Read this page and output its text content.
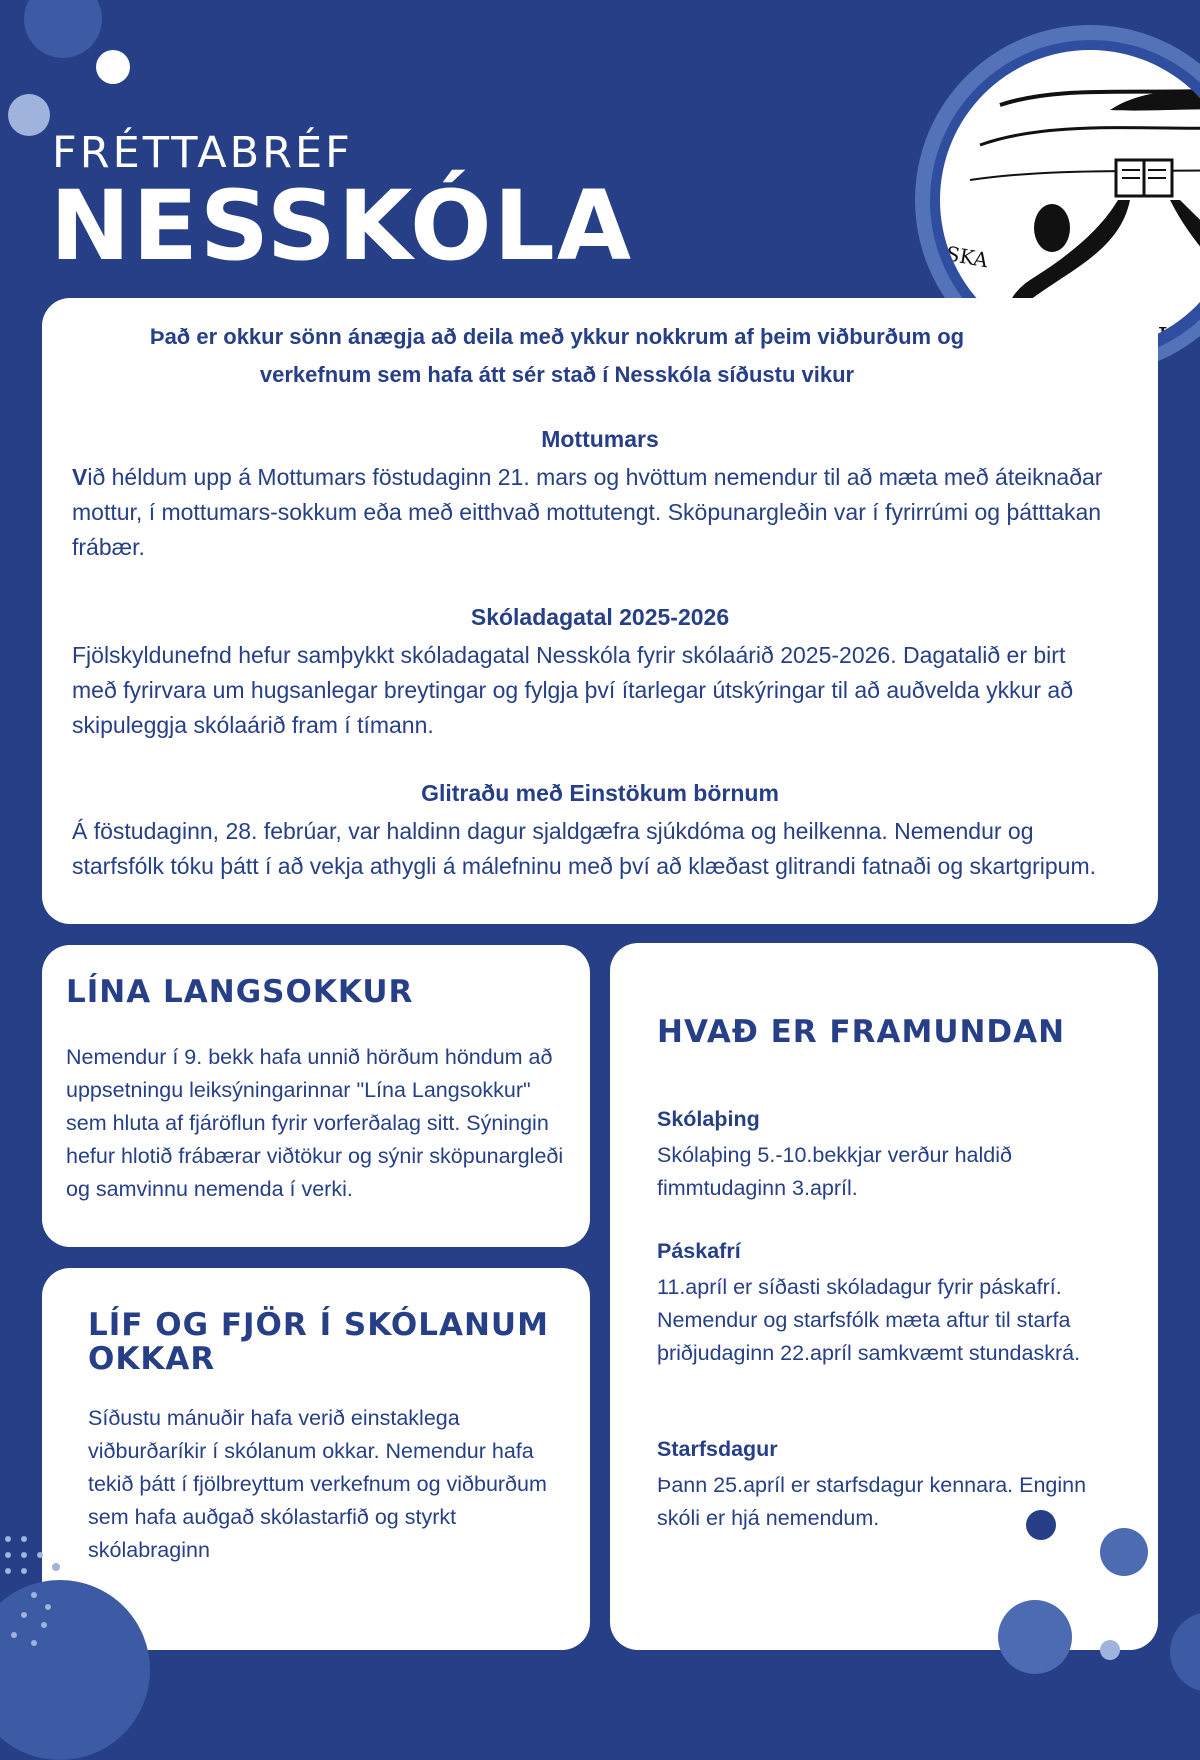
FRÉTTABRÉF
NESSKÓLA	SKA

Það er okkur sönn ánægja að deila með ykkur nokkrum af þeim viðburðum og verkefnum sem hafa átt sér stað í Nesskóla síðustu vikur

Mottumars

Við héldum upp á Mottumars föstudaginn 21. mars og hvöttum nemendur til að mæta með áteiknaðar mottur, í mottumars-sokkum eða með eitthvað mottutengt. Sköpunargleðin var í fyrirrúmi og þátttakan frábær.

Skóladagatal 2025-2026

Fjölskyldunefnd hefur samþykkt skóladagatal Nesskóla fyrir skólaárið 2025-2026. Dagatalið er birt með fyrirvara um hugsanlegar breytingar og fylgja því ítarlegar útskýringar til að auðvelda ykkur að skipuleggja skólaárið fram í tímann.

Glitraðu með Einstökum börnum

Á föstudaginn, 28. febrúar, var haldinn dagur sjaldgæfra sjúkdóma og heilkenna. Nemendur og starfsfólk tóku þátt í að vekja athygli á málefninu með því að klæðast glitrandi fatnaði og skartgripum.

LÍNA LANGSOKKUR

Nemendur í 9. bekk hafa unnið hörðum höndum að uppsetningu leiksýningarinnar "Lína Langsokkur" sem hluta af fjáröflun fyrir vorferðalag sitt. Sýningin hefur hlotið frábærar viðtökur og sýnir sköpunargleði og samvinnu nemenda í verki.

LÍF OG FJÖR Í SKÓLANUM OKKAR

Síðustu mánuðir hafa verið einstaklega viðburðaríkir í skólanum okkar. Nemendur hafa tekið þátt í fjölbreyttum verkefnum og viðburðum sem hafa auðgað skólastarfið og styrkt skólabraginn

HVAÐ ER FRAMUNDAN
Skólaþing

Skólaþing 5.-10.bekkjar verður haldið fimmtudaginn 3.apríl.

Páskafrí

11.apríl er síðasti skóladagur fyrir páskafrí. Nemendur og starfsfólk mæta aftur til starfa þriðjudaginn 22.apríl samkvæmt stundaskrá.

Starfsdagur

Þann 25.apríl er starfsdagur kennara. Enginn skóli er hjá nemendum.
